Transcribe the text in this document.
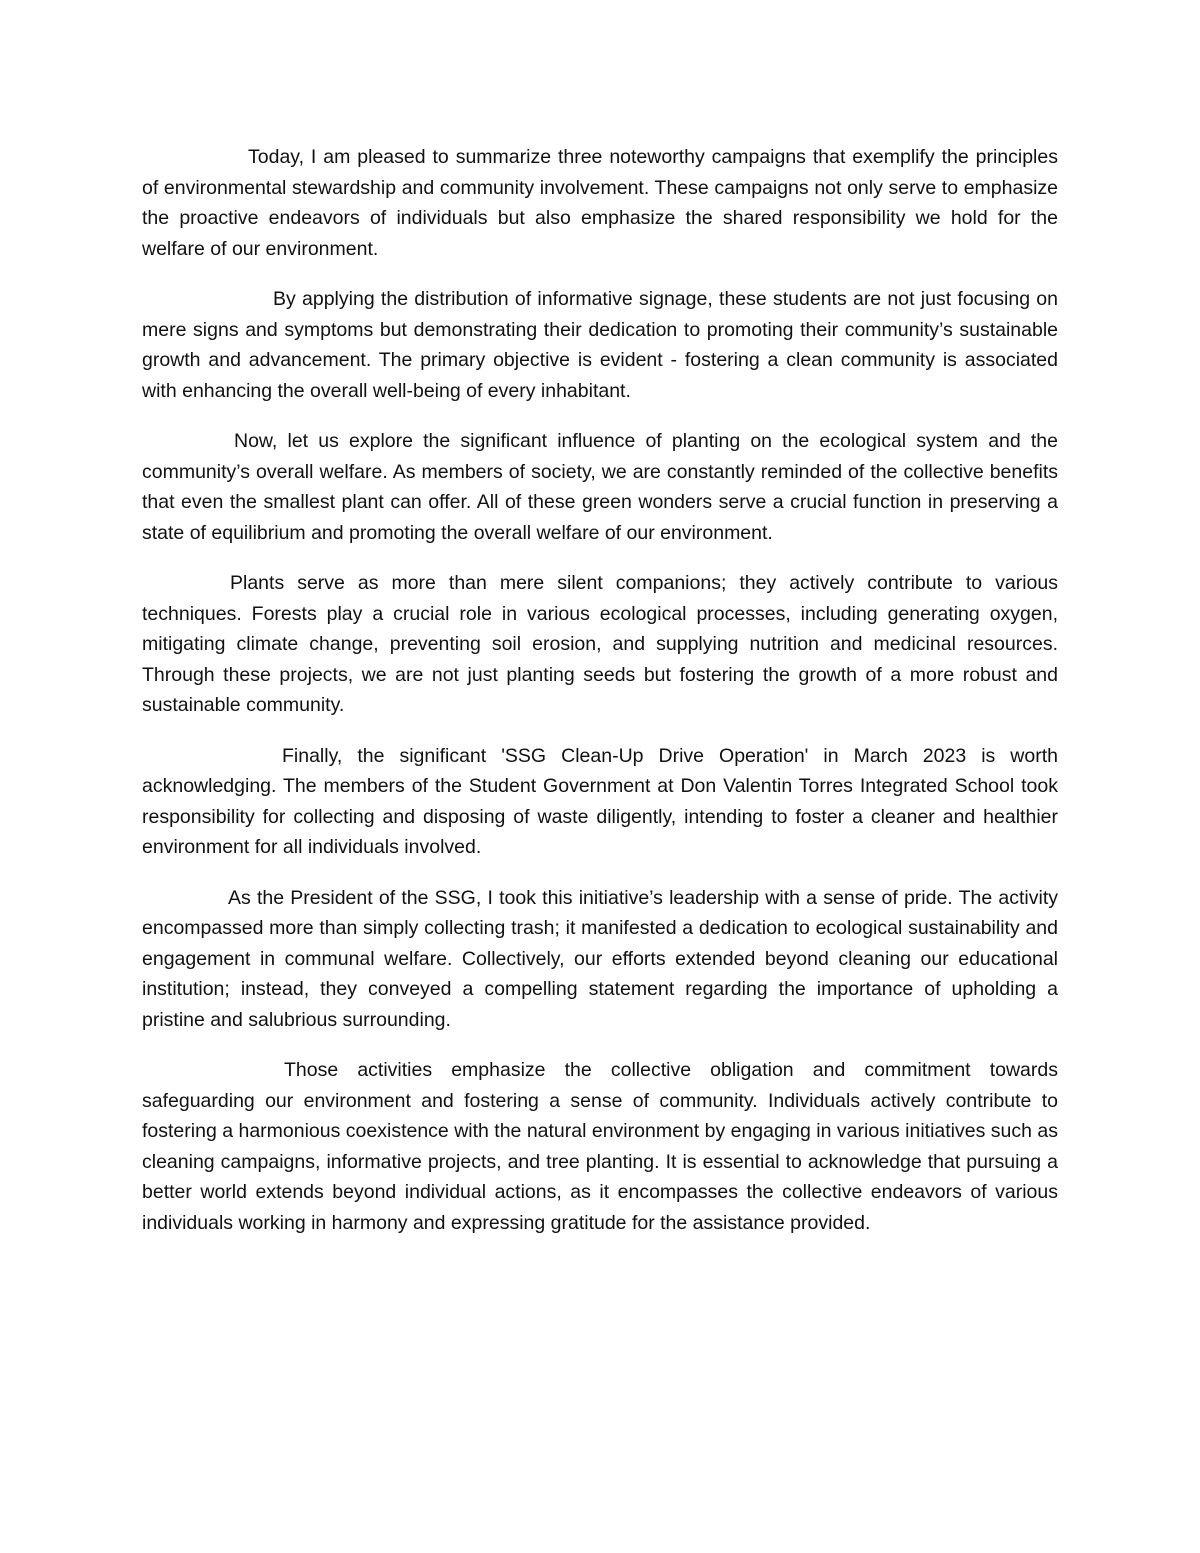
Today, I am pleased to summarize three noteworthy campaigns that exemplify the principles of environmental stewardship and community involvement. These campaigns not only serve to emphasize the proactive endeavors of individuals but also emphasize the shared responsibility we hold for the welfare of our environment.

By applying the distribution of informative signage, these students are not just focusing on mere signs and symptoms but demonstrating their dedication to promoting their community’s sustainable growth and advancement. The primary objective is evident - fostering a clean community is associated with enhancing the overall well-being of every inhabitant.

Now, let us explore the significant influence of planting on the ecological system and the community’s overall welfare. As members of society, we are constantly reminded of the collective benefits that even the smallest plant can offer. All of these green wonders serve a crucial function in preserving a state of equilibrium and promoting the overall welfare of our environment.

Plants serve as more than mere silent companions; they actively contribute to various techniques. Forests play a crucial role in various ecological processes, including generating oxygen, mitigating climate change, preventing soil erosion, and supplying nutrition and medicinal resources. Through these projects, we are not just planting seeds but fostering the growth of a more robust and sustainable community.

Finally, the significant 'SSG Clean-Up Drive Operation' in March 2023 is worth acknowledging. The members of the Student Government at Don Valentin Torres Integrated School took responsibility for collecting and disposing of waste diligently, intending to foster a cleaner and healthier environment for all individuals involved.

As the President of the SSG, I took this initiative’s leadership with a sense of pride. The activity encompassed more than simply collecting trash; it manifested a dedication to ecological sustainability and engagement in communal welfare. Collectively, our efforts extended beyond cleaning our educational institution; instead, they conveyed a compelling statement regarding the importance of upholding a pristine and salubrious surrounding.

Those activities emphasize the collective obligation and commitment towards safeguarding our environment and fostering a sense of community. Individuals actively contribute to fostering a harmonious coexistence with the natural environment by engaging in various initiatives such as cleaning campaigns, informative projects, and tree planting. It is essential to acknowledge that pursuing a better world extends beyond individual actions, as it encompasses the collective endeavors of various individuals working in harmony and expressing gratitude for the assistance provided.
